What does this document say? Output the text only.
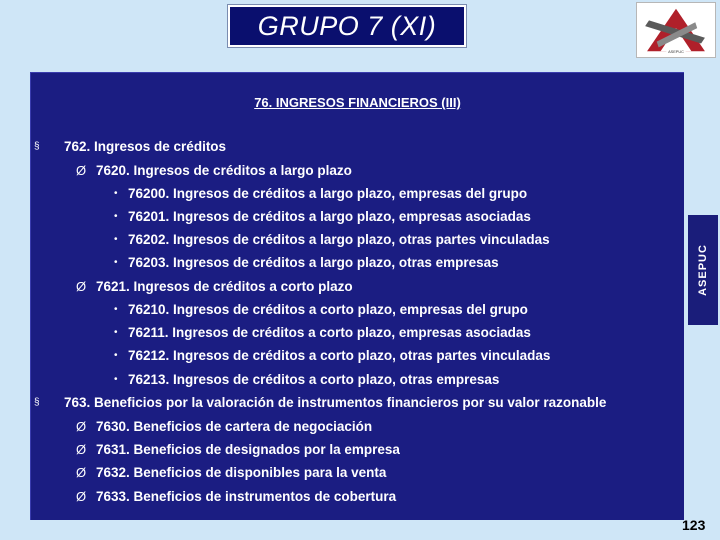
GRUPO 7 (XI)
ASEPUC
ASEPUC
76. INGRESOS FINANCIEROS (III)
§ 762. Ingresos de créditos
Ø 7620. Ingresos de créditos a largo plazo
• 76200. Ingresos de créditos a largo plazo, empresas del grupo
• 76201. Ingresos de créditos a largo plazo, empresas asociadas
• 76202. Ingresos de créditos a largo plazo, otras partes vinculadas
• 76203. Ingresos de créditos a largo plazo, otras empresas
Ø 7621. Ingresos de créditos a corto plazo
• 76210. Ingresos de créditos a corto plazo, empresas del grupo
• 76211. Ingresos de créditos a corto plazo, empresas asociadas
• 76212. Ingresos de créditos a corto plazo, otras partes vinculadas
• 76213. Ingresos de créditos a corto plazo, otras empresas
§ 763. Beneficios por la valoración de instrumentos financieros por su valor razonable
Ø 7630. Beneficios de cartera de negociación
Ø 7631. Beneficios de designados por la empresa
Ø 7632. Beneficios de disponibles para la venta
Ø 7633. Beneficios de instrumentos de cobertura
123
